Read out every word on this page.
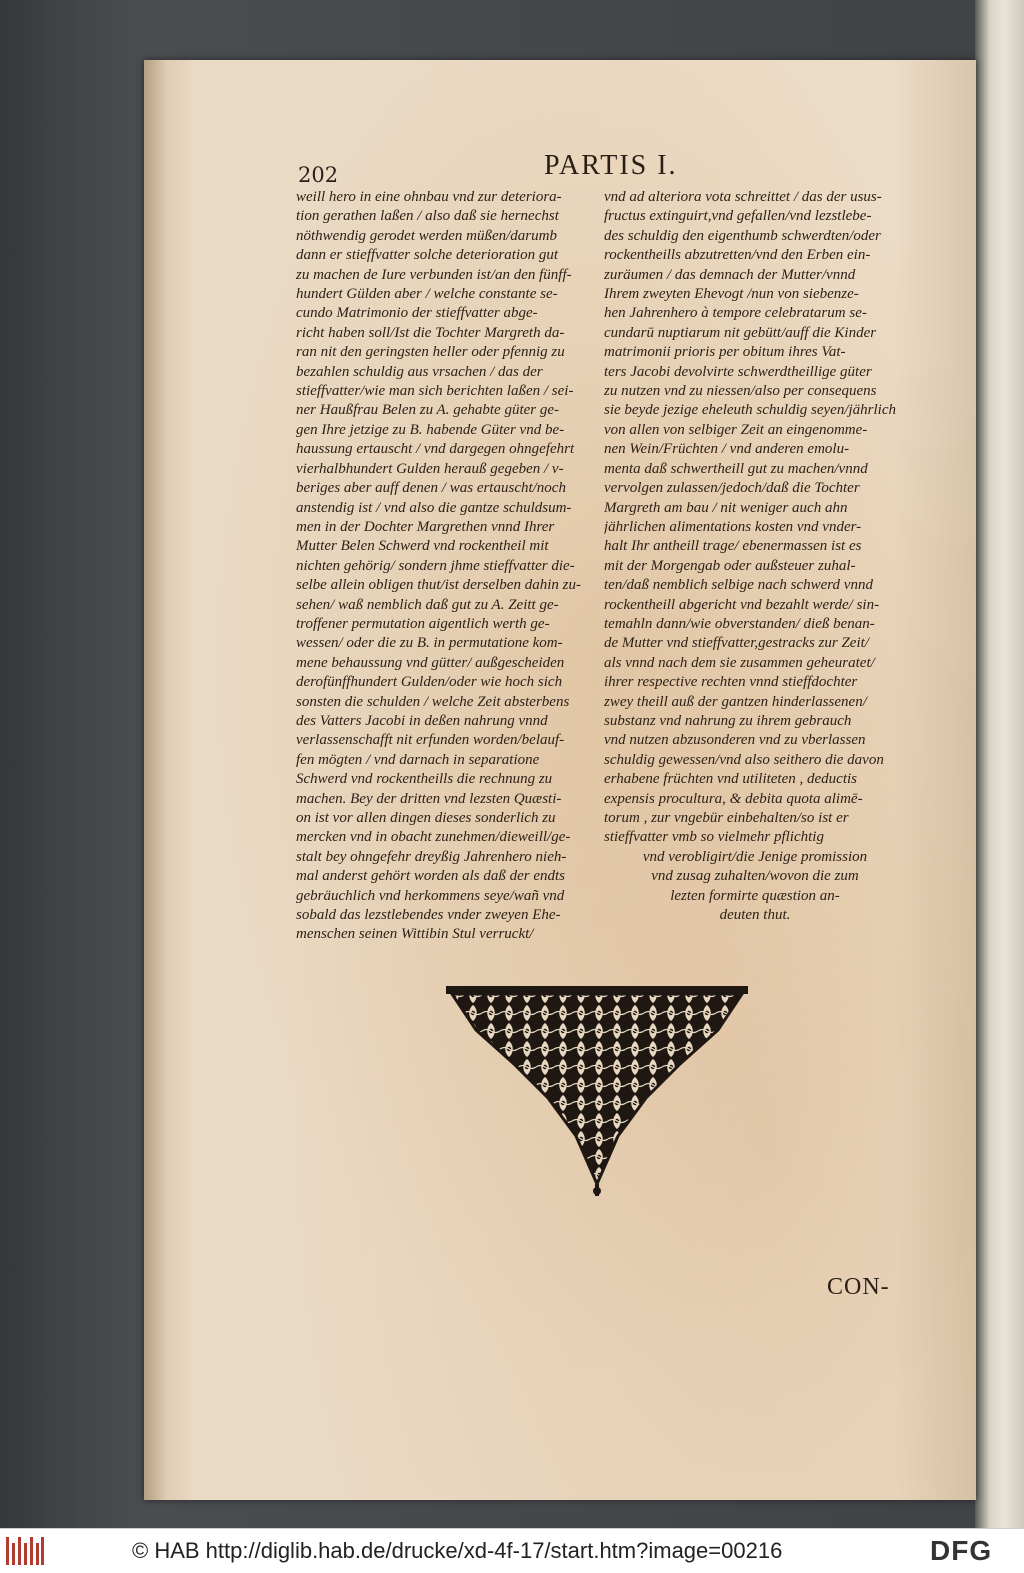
202	PARTIS I.
weill hero in eine ohnbau vnd zur deteriora-
tion gerathen laßen / also daß sie hernechst
nöthwendig gerodet werden müßen/darumb
dann er stieffvatter solche deterioration gut
zu machen de Iure verbunden ist/an den fünff-
hundert Gülden aber / welche constante se-
cundo Matrimonio der stieffvatter abge-
richt haben soll/Ist die Tochter Margreth da-
ran nit den geringsten heller oder pfennig zu
bezahlen schuldig aus vrsachen / das der
stieffvatter/wie man sich berichten laßen / sei-
ner Haußfrau Belen zu A. gehabte güter ge-
gen Ihre jetzige zu B. habende Güter vnd be-
haussung ertauscht / vnd dargegen ohngefehrt
vierhalbhundert Gulden herauß gegeben / v-
beriges aber auff denen / was ertauscht/noch
anstendig ist / vnd also die gantze schuldsum-
men in der Dochter Margrethen vnnd Ihrer
Mutter Belen Schwerd vnd rockentheil mit
nichten gehörig/ sondern jhme stieffvatter die-
selbe allein obligen thut/ist derselben dahin zu-
sehen/ waß nemblich daß gut zu A. Zeitt ge-
troffener permutation aigentlich werth ge-
wessen/ oder die zu B. in permutatione kom-
mene behaussung vnd gütter/ außgescheiden
derofünffhundert Gulden/oder wie hoch sich
sonsten die schulden / welche Zeit absterbens
des Vatters Jacobi in deßen nahrung vnnd
verlassenschafft nit erfunden worden/belauf-
fen mögten / vnd darnach in separatione
Schwerd vnd rockentheills die rechnung zu
machen. Bey der dritten vnd lezsten Quæsti-
on ist vor allen dingen dieses sonderlich zu
mercken vnd in obacht zunehmen/dieweill/ge-
stalt bey ohngefehr dreyßig Jahrenhero nieh-
mal anderst gehört worden als daß der endts
gebräuchlich vnd herkommens seye/wañ vnd
sobald das lezstlebendes vnder zweyen Ehe-
menschen seinen Wittibin Stul verruckt/
vnd ad alteriora vota schreittet / das der usus-
fructus extinguirt,vnd gefallen/vnd lezstlebe-
des schuldig den eigenthumb schwerdten/oder
rockentheills abzutretten/vnd den Erben ein-
zuräumen / das demnach der Mutter/vnnd
Ihrem zweyten Ehevogt /nun von siebenze-
hen Jahrenhero à tempore celebratarum se-
cundarū nuptiarum nit gebütt/auff die Kinder
matrimonii prioris per obitum ihres Vat-
ters Jacobi devolvirte schwerdtheillige güter
zu nutzen vnd zu niessen/also per consequens
sie beyde jezige eheleuth schuldig seyen/jährlich
von allen von selbiger Zeit an eingenomme-
nen Wein/Früchten / vnd anderen emolu-
menta daß schwertheill gut zu machen/vnnd
vervolgen zulassen/jedoch/daß die Tochter
Margreth am bau / nit weniger auch ahn
jährlichen alimentations kosten vnd vnder-
halt Ihr antheill trage/ ebenermassen ist es
mit der Morgengab oder außsteuer zuhal-
ten/daß nemblich selbige nach schwerd vnnd
rockentheill abgericht vnd bezahlt werde/ sin-
temahln dann/wie obverstanden/ dieß benan-
de Mutter vnd stieffvatter,gestracks zur Zeit/
als vnnd nach dem sie zusammen geheuratet/
ihrer respective rechten vnnd stieffdochter
zwey theill auß der gantzen hinderlassenen/
substanz vnd nahrung zu ihrem gebrauch
vnd nutzen abzusonderen vnd zu vberlassen
schuldig gewessen/vnd also seithero die davon
erhabene früchten vnd utiliteten , deductis
expensis procultura, & debita quota alimē-
torum , zur vngebür einbehalten/so ist er
stieffvatter vmb so vielmehr pflichtig
vnd verobligirt/die Jenige promission
vnd zusag zuhalten/wovon die zum
lezten formirte quæstion an-
deuten thut.
CON-
© HAB http://diglib.hab.de/drucke/xd-4f-17/start.htm?image=00216	DFG
